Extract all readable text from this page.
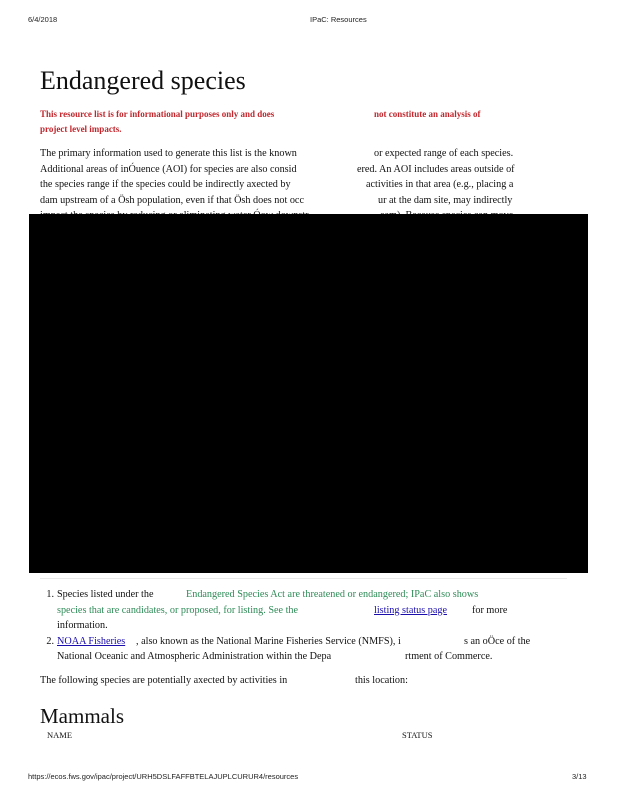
6/4/2018	IPaC: Resources
Endangered species
This resource list is for informational purposes only and does	not constitute an analysis of
project level impacts.
The primary information used to generate this list is the known	or expected range of each species.
Additional areas of inÓuence (AOI) for species are also consid	ered. An AOI includes areas outside of
the species range if the species could be indirectly aхected by	activities in that area (e.g., placing a
dam upstream of a Ösh population, even if that Ösh does not occ	ur at the dam site, may indirectly
1. Species listed under the	Endangered Species Act are threatened or endangered; IPaC also shows
species that are candidates, or proposed, for listing. See the	listing status page for more
information.
2. NOAA Fisheries , also known as the National Marine Fisheries Service (NMFS), i	s an oÖce of the
National Oceanic and Atmospheric Administration within the Depa	rtment of Commerce.
The following species are potentially aхected by activities in	this location:
Mammals
NAME	STATUS
https://ecos.fws.gov/ipac/project/URH5DSLFAFFBTELAJUPLCURUR4/resources	3/13
